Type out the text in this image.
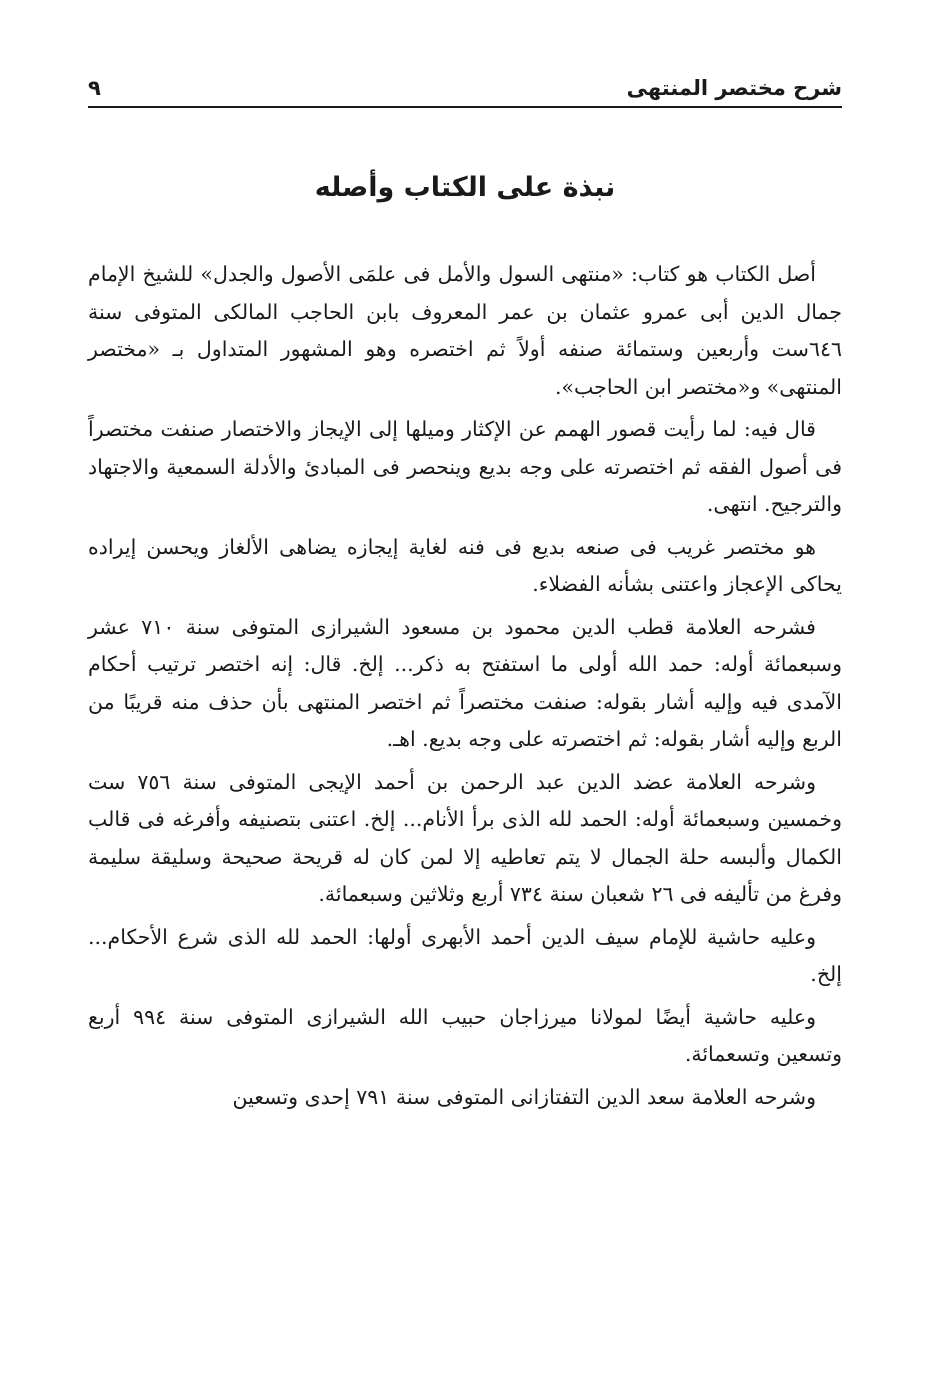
شرح مختصر المنتهى
٩
نبذة على الكتاب وأصله

أصل الكتاب هو كتاب: «منتهى السول والأمل فى علمَى الأصول والجدل» للشيخ الإمام جمال الدين أبى عمرو عثمان بن عمر المعروف بابن الحاجب المالكى المتوفى سنة ٦٤٦ست وأربعين وستمائة صنفه أولاً ثم اختصره وهو المشهور المتداول بـ «مختصر المنتهى» و«مختصر ابن الحاجب».

قال فيه: لما رأيت قصور الهمم عن الإكثار وميلها إلى الإيجاز والاختصار صنفت مختصراً فى أصول الفقه ثم اختصرته على وجه بديع وينحصر فى المبادئ والأدلة السمعية والاجتهاد والترجيح. انتهى.

هو مختصر غريب فى صنعه بديع فى فنه لغاية إيجازه يضاهى الألغاز ويحسن إيراده يحاكى الإعجاز واعتنى بشأنه الفضلاء.

فشرحه العلامة قطب الدين محمود بن مسعود الشيرازى المتوفى سنة ٧١٠ عشر وسبعمائة أوله: حمد الله أولى ما استفتح به ذكر... إلخ. قال: إنه اختصر ترتيب أحكام الآمدى فيه وإليه أشار بقوله: صنفت مختصراً ثم اختصر المنتهى بأن حذف منه قريبًا من الربع وإليه أشار بقوله: ثم اختصرته على وجه بديع. اهـ.

وشرحه العلامة عضد الدين عبد الرحمن بن أحمد الإيجى المتوفى سنة ٧٥٦ ست وخمسين وسبعمائة أوله: الحمد لله الذى برأ الأنام... إلخ. اعتنى بتصنيفه وأفرغه فى قالب الكمال وألبسه حلة الجمال لا يتم تعاطيه إلا لمن كان له قريحة صحيحة وسليقة سليمة وفرغ من تأليفه فى ٢٦ شعبان سنة ٧٣٤ أربع وثلاثين وسبعمائة.

وعليه حاشية للإمام سيف الدين أحمد الأبهرى أولها: الحمد لله الذى شرع الأحكام... إلخ.

وعليه حاشية أيضًا لمولانا ميرزاجان حبيب الله الشيرازى المتوفى سنة ٩٩٤ أربع وتسعين وتسعمائة.

وشرحه العلامة سعد الدين التفتازانى المتوفى سنة ٧٩١ إحدى وتسعين
